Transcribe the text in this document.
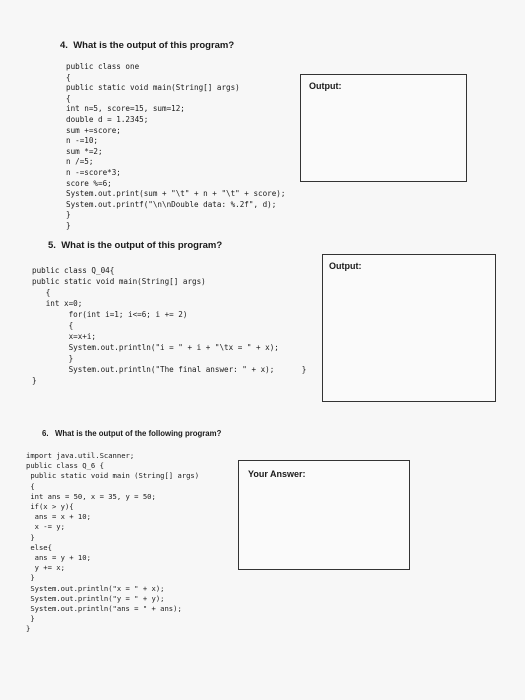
4. What is the output of this program?
public class one
{
public static void main(String[] args)
{
int n=5, score=15, sum=12;
double d = 1.2345;
sum +=score;
n -=10;
sum *=2;
n /=5;
n -=score*3;
score %=6;
System.out.print(sum + "\t" + n + "\t" + score);
System.out.printf("\n\nDouble data: %.2f", d);
}
}
Output:
5. What is the output of this program?
public class Q_04{
public static void main(String[] args)
{
int x=0;
for(int i=1; i<=6; i += 2)
{
x=x+i;
System.out.println("i = " + i + "\tx = " + x);
}
System.out.println("The final answer: " + x);      }
}
Output:
6. What is the output of the following program?
import java.util.Scanner;
public class Q_6 {
public static void main (String[] args)
{
int ans = 50, x = 35, y = 50;
if(x > y){
ans = x + 10;
x -= y;
}
else{
ans = y + 10;
y += x;
}
System.out.println("x = " + x);
System.out.println("y = " + y);
System.out.println("ans = " + ans);
}
}
Your Answer:
